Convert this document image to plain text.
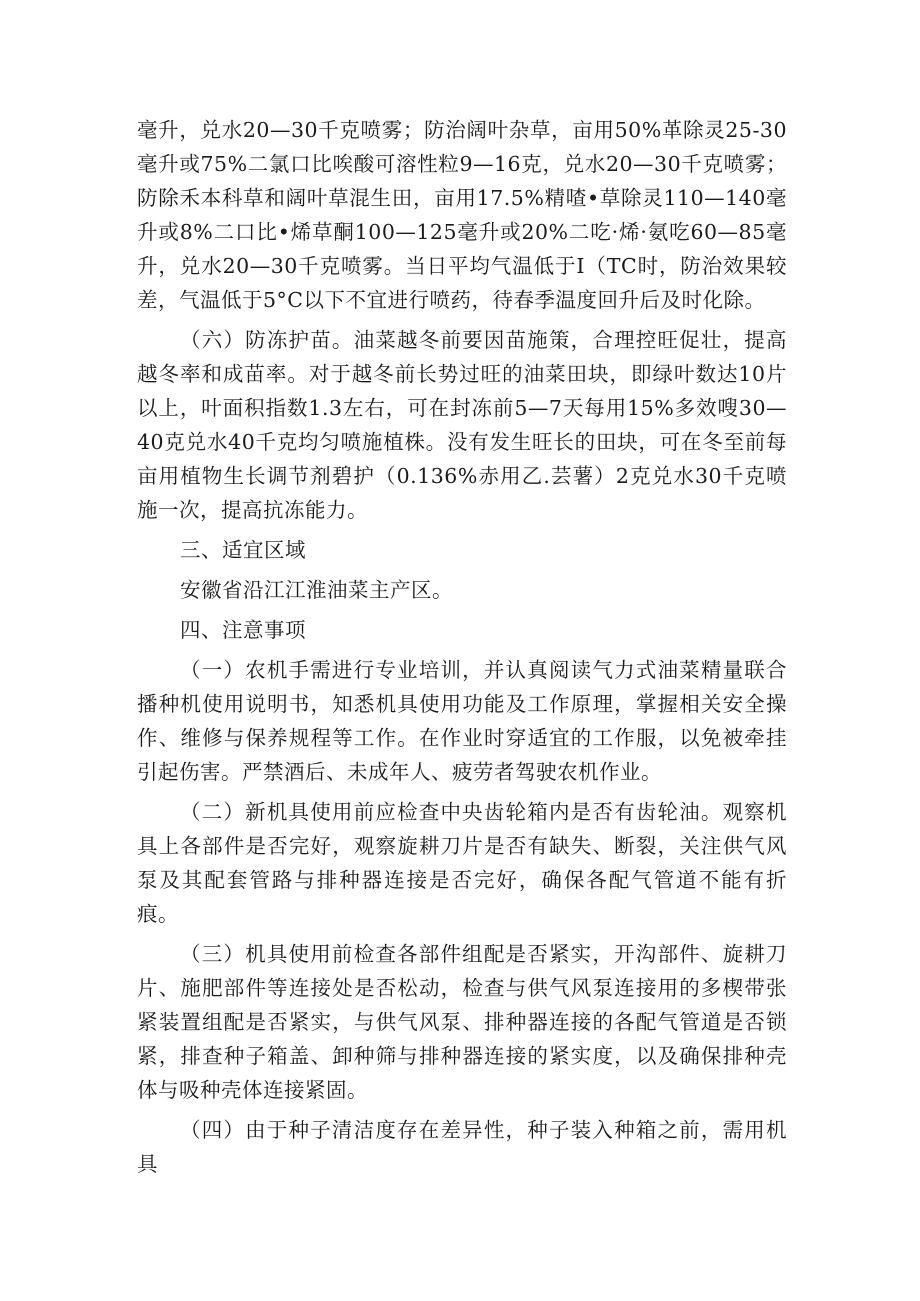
毫升，兑水20—30千克喷雾；防治阔叶杂草，亩用50%革除灵25-30毫升或75%二氯口比唉酸可溶性粒9—16克，兑水20—30千克喷雾；防除禾本科草和阔叶草混生田，亩用17.5%精喳•草除灵110—140毫升或8%二口比•烯草酮100—125毫升或20%二吃·烯·氨吃60—85毫升，兑水20—30千克喷雾。当日平均气温低于I（TC时，防治效果较差，气温低于5°C以下不宜进行喷药，待春季温度回升后及时化除。

（六）防冻护苗。油菜越冬前要因苗施策，合理控旺促壮，提高越冬率和成苗率。对于越冬前长势过旺的油菜田块，即绿叶数达10片以上，叶面积指数1.3左右，可在封冻前5—7天每用15%多效嗖30—40克兑水40千克均匀喷施植株。没有发生旺长的田块，可在冬至前每亩用植物生长调节剂碧护（0.136%赤用乙.芸薯）2克兑水30千克喷施一次，提高抗冻能力。

三、适宜区域

安徽省沿江江淮油菜主产区。

四、注意事项

（一）农机手需进行专业培训，并认真阅读气力式油菜精量联合播种机使用说明书，知悉机具使用功能及工作原理，掌握相关安全操作、维修与保养规程等工作。在作业时穿适宜的工作服，以免被牵挂引起伤害。严禁酒后、未成年人、疲劳者驾驶农机作业。

（二）新机具使用前应检查中央齿轮箱内是否有齿轮油。观察机具上各部件是否完好，观察旋耕刀片是否有缺失、断裂，关注供气风泵及其配套管路与排种器连接是否完好，确保各配气管道不能有折痕。

（三）机具使用前检查各部件组配是否紧实，开沟部件、旋耕刀片、施肥部件等连接处是否松动，检查与供气风泵连接用的多楔带张紧装置组配是否紧实，与供气风泵、排种器连接的各配气管道是否锁紧，排查种子箱盖、卸种筛与排种器连接的紧实度，以及确保排种壳体与吸种壳体连接紧固。

（四）由于种子清洁度存在差异性，种子装入种箱之前，需用机具
